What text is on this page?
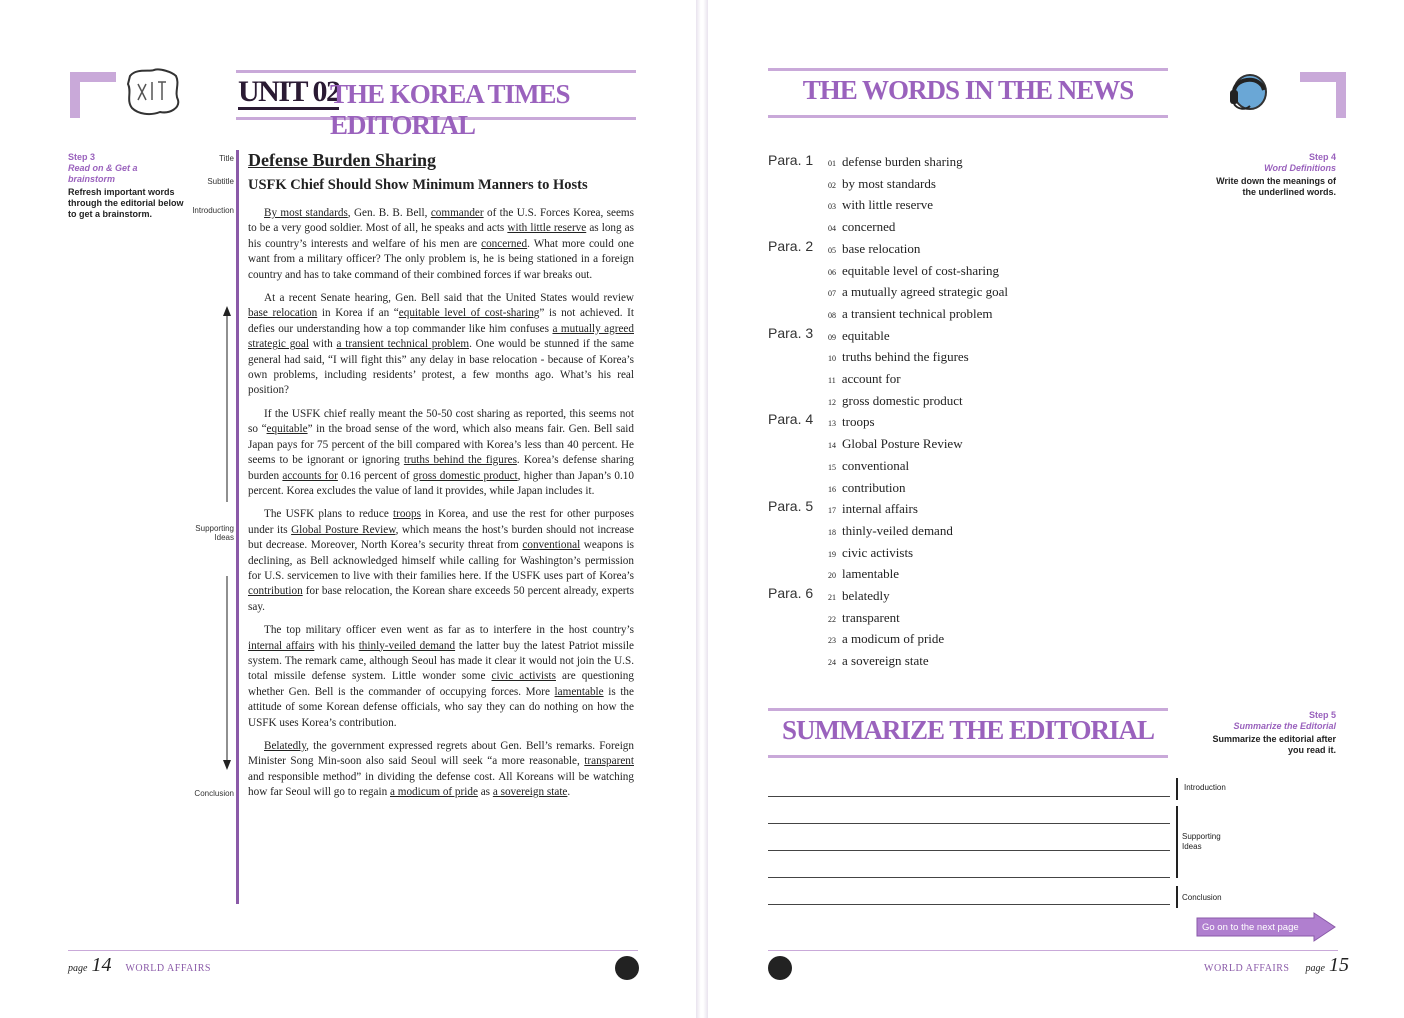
UNIT 02
THE KOREA TIMES EDITORIAL
Step 3
Read on & Get a brainstorm
Refresh important words through the editorial below to get a brainstorm.
Title
Subtitle
Introduction
Supporting Ideas
Conclusion
Defense Burden Sharing
USFK Chief Should Show Minimum Manners to Hosts

By most standards, Gen. B. B. Bell, commander of the U.S. Forces Korea, seems to be a very good soldier. Most of all, he speaks and acts with little reserve as long as his country’s interests and welfare of his men are concerned. What more could one want from a military officer? The only problem is, he is being stationed in a foreign country and has to take command of their combined forces if war breaks out.

At a recent Senate hearing, Gen. Bell said that the United States would review base relocation in Korea if an “equitable level of cost-sharing” is not achieved. It defies our understanding how a top commander like him confuses a mutually agreed strategic goal with a transient technical problem. One would be stunned if the same general had said, “I will fight this” any delay in base relocation - because of Korea’s own problems, including residents’ protest, a few months ago. What’s his real position?

If the USFK chief really meant the 50-50 cost sharing as reported, this seems not so “equitable” in the broad sense of the word, which also means fair. Gen. Bell said Japan pays for 75 percent of the bill compared with Korea’s less than 40 percent. He seems to be ignorant or ignoring truths behind the figures. Korea’s defense sharing burden accounts for 0.16 percent of gross domestic product, higher than Japan’s 0.10 percent. Korea excludes the value of land it provides, while Japan includes it.

The USFK plans to reduce troops in Korea, and use the rest for other purposes under its Global Posture Review, which means the host’s burden should not increase but decrease. Moreover, North Korea’s security threat from conventional weapons is declining, as Bell acknowledged himself while calling for Washington’s permission for U.S. servicemen to live with their families here. If the USFK uses part of Korea’s contribution for base relocation, the Korean share exceeds 50 percent already, experts say.

The top military officer even went as far as to interfere in the host country’s internal affairs with his thinly-veiled demand the latter buy the latest Patriot missile system. The remark came, although Seoul has made it clear it would not join the U.S. total missile defense system. Little wonder some civic activists are questioning whether Gen. Bell is the commander of occupying forces. More lamentable is the attitude of some Korean defense officials, who say they can do nothing on how the USFK uses Korea’s contribution.

Belatedly, the government expressed regrets about Gen. Bell’s remarks. Foreign Minister Song Min-soon also said Seoul will seek “a more reasonable, transparent and responsible method” in dividing the defense cost. All Koreans will be watching how far Seoul will go to regain a modicum of pride as a sovereign state.

page 14 WORLD AFFAIRS
THE WORDS IN THE NEWS
Step 4
Word Definitions
Write down the meanings of the underlined words.
Para. 1
Para. 2
Para. 3
Para. 4
Para. 5
Para. 6
01 defense burden sharing
02 by most standards
03 with little reserve
04 concerned
05 base relocation
06 equitable level of cost-sharing
07 a mutually agreed strategic goal
08 a transient technical problem
09 equitable
10 truths behind the figures
11 account for
12 gross domestic product
13 troops
14 Global Posture Review
15 conventional
16 contribution
17 internal affairs
18 thinly-veiled demand
19 civic activists
20 lamentable
21 belatedly
22 transparent
23 a modicum of pride
24 a sovereign state
SUMMARIZE THE EDITORIAL	Step 5
Summarize the Editorial
Summarize the editorial after you read it.
Introduction
Supporting Ideas
Conclusion
Go on to the next page
WORLD AFFAIRS page 15
